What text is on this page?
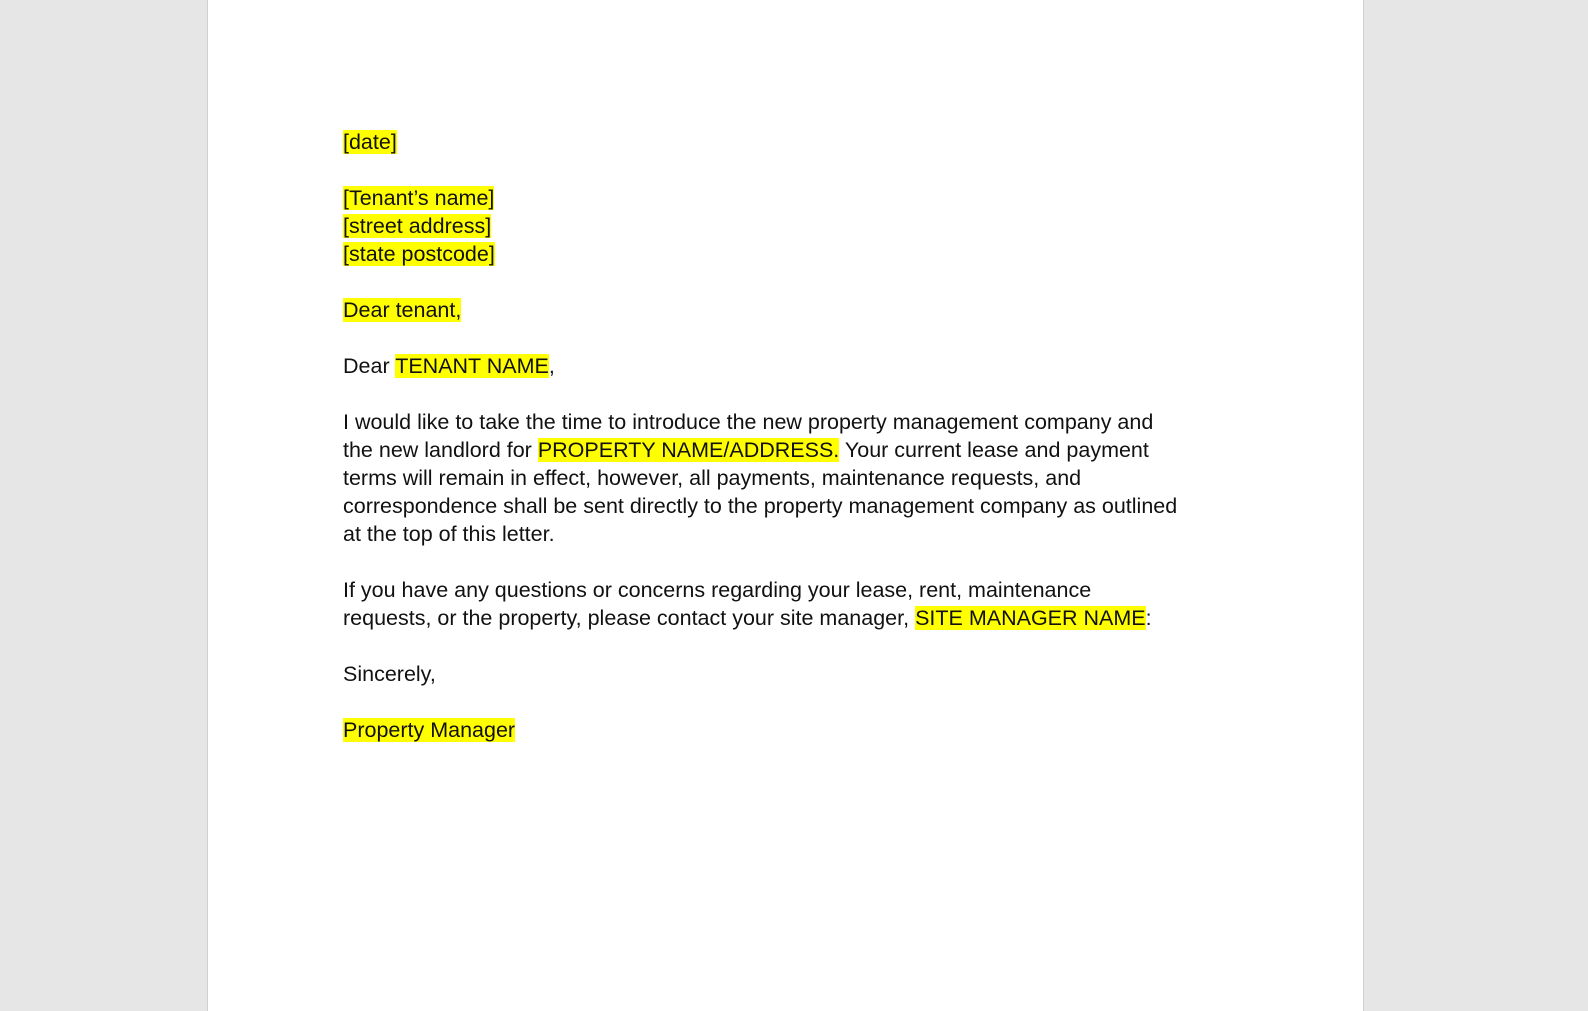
[date]
[Tenant’s name]
[street address]
[state postcode]
Dear tenant,
Dear TENANT NAME,
I would like to take the time to introduce the new property management company and
the new landlord for PROPERTY NAME/ADDRESS. Your current lease and payment
terms will remain in effect, however, all payments, maintenance requests, and
correspondence shall be sent directly to the property management company as outlined
at the top of this letter.
If you have any questions or concerns regarding your lease, rent, maintenance
requests, or the property, please contact your site manager, SITE MANAGER NAME:
Sincerely,
Property Manager
